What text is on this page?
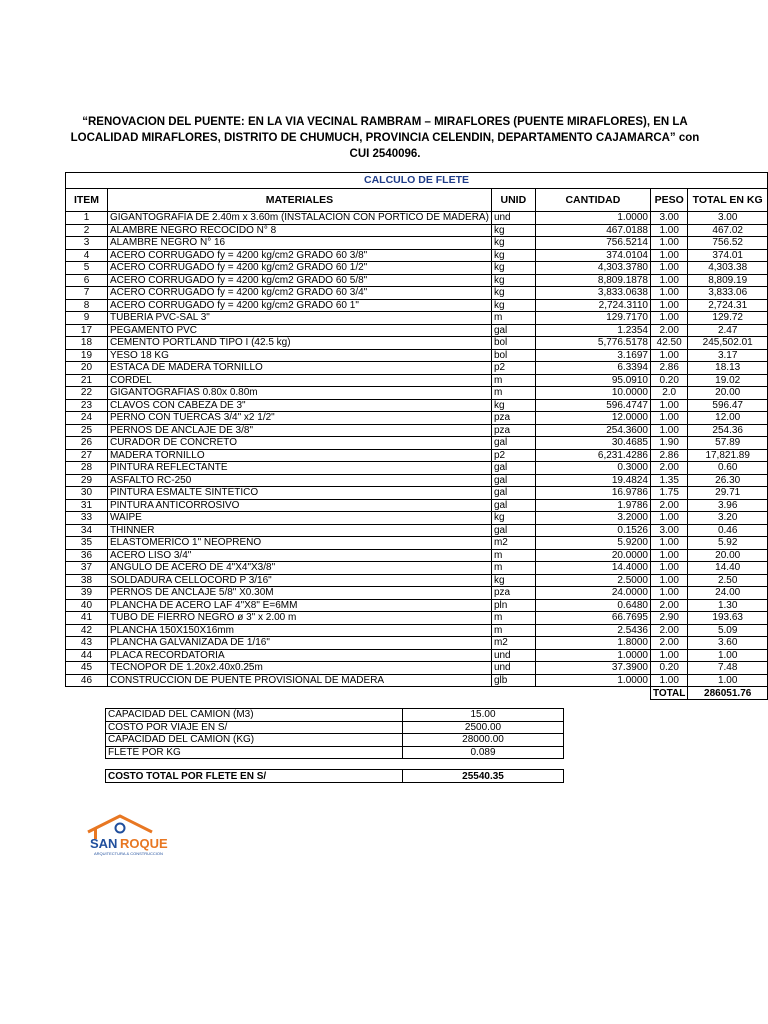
“RENOVACION DEL PUENTE: EN LA VIA VECINAL RAMBRAM – MIRAFLORES (PUENTE MIRAFLORES), EN LA LOCALIDAD MIRAFLORES, DISTRITO DE CHUMUCH, PROVINCIA CELENDIN, DEPARTAMENTO CAJAMARCA” con CUI 2540096.
CALCULO DE FLETE					
ITEM	MATERIALES	UNID	CANTIDAD	PESO	TOTAL EN KG
1	GIGANTOGRAFIA DE 2.40m x 3.60m (INSTALACION CON PORTICO DE MADERA)	und	1.0000	3.00	3.00
2	ALAMBRE NEGRO RECOCIDO N° 8	kg	467.0188	1.00	467.02
3	ALAMBRE NEGRO N° 16	kg	756.5214	1.00	756.52
4	ACERO CORRUGADO fy = 4200 kg/cm2 GRADO 60 3/8"	kg	374.0104	1.00	374.01
5	ACERO CORRUGADO fy = 4200 kg/cm2 GRADO 60 1/2"	kg	4,303.3780	1.00	4,303.38
6	ACERO CORRUGADO fy = 4200 kg/cm2 GRADO 60 5/8"	kg	8,809.1878	1.00	8,809.19
7	ACERO CORRUGADO fy = 4200 kg/cm2 GRADO 60 3/4"	kg	3,833.0638	1.00	3,833.06
8	ACERO CORRUGADO fy = 4200 kg/cm2 GRADO 60 1"	kg	2,724.3110	1.00	2,724.31
9	TUBERIA PVC-SAL 3"	m	129.7170	1.00	129.72
17	PEGAMENTO PVC	gal	1.2354	2.00	2.47
18	CEMENTO PORTLAND TIPO I (42.5 kg)	bol	5,776.5178	42.50	245,502.01
19	YESO 18 KG	bol	3.1697	1.00	3.17
20	ESTACA DE MADERA TORNILLO	p2	6.3394	2.86	18.13
21	CORDEL	m	95.0910	0.20	19.02
22	GIGANTOGRAFIAS 0.80x 0.80m	m	10.0000	2.0	20.00
23	CLAVOS CON CABEZA DE 3"	kg	596.4747	1.00	596.47
24	PERNO CON TUERCAS 3/4" x2 1/2"	pza	12.0000	1.00	12.00
25	PERNOS DE ANCLAJE DE 3/8"	pza	254.3600	1.00	254.36
26	CURADOR DE CONCRETO	gal	30.4685	1.90	57.89
27	MADERA TORNILLO	p2	6,231.4286	2.86	17,821.89
28	PINTURA REFLECTANTE	gal	0.3000	2.00	0.60
29	ASFALTO RC-250	gal	19.4824	1.35	26.30
30	PINTURA ESMALTE SINTETICO	gal	16.9786	1.75	29.71
31	PINTURA ANTICORROSIVO	gal	1.9786	2.00	3.96
33	WAIPE	kg	3.2000	1.00	3.20
34	THINNER	gal	0.1526	3.00	0.46
35	ELASTOMERICO 1" NEOPRENO	m2	5.9200	1.00	5.92
36	ACERO LISO 3/4"	m	20.0000	1.00	20.00
37	ANGULO DE ACERO DE 4"X4"X3/8"	m	14.4000	1.00	14.40
38	SOLDADURA CELLOCORD P 3/16"	kg	2.5000	1.00	2.50
39	PERNOS DE ANCLAJE 5/8" X0.30M	pza	24.0000	1.00	24.00
40	PLANCHA DE ACERO LAF 4"X8" E=6MM	pln	0.6480	2.00	1.30
41	TUBO DE FIERRO NEGRO ø 3" x 2.00 m	m	66.7695	2.90	193.63
42	PLANCHA 150X150X16mm	m	2.5436	2.00	5.09
43	PLANCHA GALVANIZADA DE 1/16"	m2	1.8000	2.00	3.60
44	PLACA RECORDATORIA	und	1.0000	1.00	1.00
45	TECNOPOR DE 1.20x2.40x0.25m	und	37.3900	0.20	7.48
46	CONSTRUCCION DE PUENTE PROVISIONAL DE MADERA	glb	1.0000	1.00	1.00
				TOTAL	286051.76
CAPACIDAD DEL CAMION (M3)	15.00
COSTO POR VIAJE EN S/	2500.00
CAPACIDAD DEL CAMION (KG)	28000.00
FLETE POR KG	0.089
COSTO TOTAL POR FLETE EN S/	25540.35
SAN ROQUE
ARQUITECTURA & CONSTRUCCION
